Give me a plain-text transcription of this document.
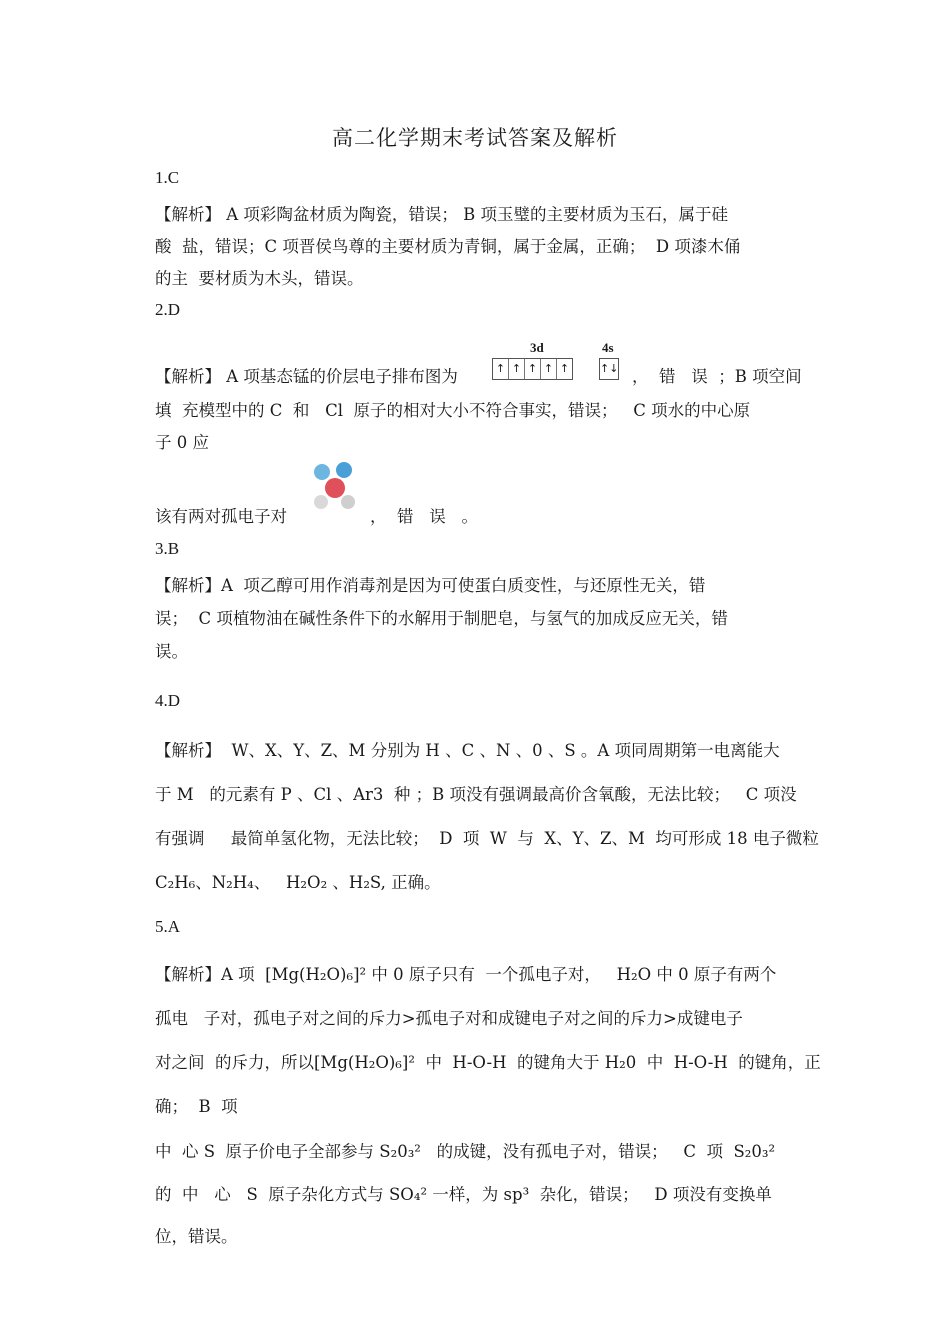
高二化学期末考试答案及解析
1.C
【解析】 A 项彩陶盆材质为陶瓷，错误； B 项玉璧的主要材质为玉石，属于硅
酸  盐，错误；C 项晋侯鸟尊的主要材质为青铜，属于金属，正确；  D 项漆木俑
的主  要材质为木头，错误。
2.D
【解析】 A 项基态锰的价层电子排布图为
3d	4s
↑ ↑ ↑ ↑ ↑	↑↓ ，  错   误  ；B 项空间
填  充模型中的 C  和   Cl  原子的相对大小不符合事实，错误；   C 项水的中心原
子 0 应
该有两对孤电子对	，  错   误   。
3.B
【解析】A  项乙醇可用作消毒剂是因为可使蛋白质变性，与还原性无关，错
误；  C 项植物油在碱性条件下的水解用于制肥皂，与氢气的加成反应无关，错
误。
4.D
【解析】  W、X、Y、Z、M 分别为 H 、C 、N 、0 、S 。A 项同周期第一电离能大
于 M   的元素有 P 、Cl 、Ar3  种 ；B 项没有强调最高价含氧酸，无法比较；   C 项没
有强调     最简单氢化物，无法比较；  D  项  W  与  X、Y、Z、M  均可形成 18 电子微粒
C₂H₆、N₂H₄、   H₂O₂ 、H₂S, 正确。
5.A
【解析】A 项  [Mg(H₂O)₆]² 中 0 原子只有  一个孤电子对，   H₂O 中 0 原子有两个
孤电   子对，孤电子对之间的斥力>孤电子对和成键电子对之间的斥力>成键电子
对之间  的斥力，所以[Mg(H₂O)₆]²  中  H-O-H  的键角大于 H₂0  中  H-O-H  的键角，正
确；  B  项
中  心 S  原子价电子全部参与 S₂0₃²   的成键，没有孤电子对，错误；   C  项  S₂0₃²
的  中   心   S  原子杂化方式与 SO₄² 一样，为 sp³  杂化，错误；   D 项没有变换单
位，错误。
